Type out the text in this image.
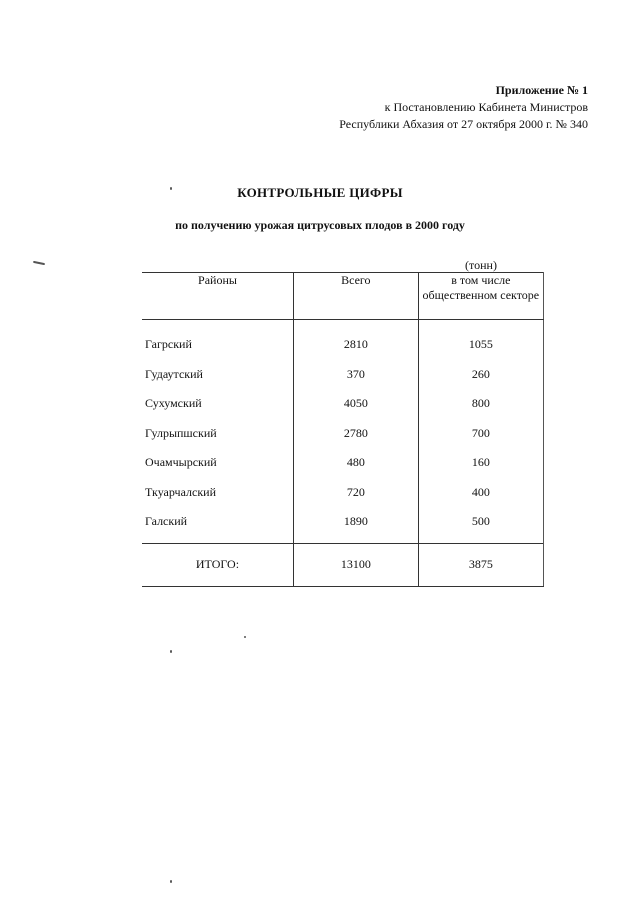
Приложение № 1
к Постановлению Кабинета Министров
Республики Абхазия от 27 октября 2000 г. № 340
КОНТРОЛЬНЫЕ ЦИФРЫ
по получению урожая цитрусовых плодов в 2000 году
(тонн)
Районы	Всего	в том числе общественном секторе

Гагрский	2810	1055
Гудаутский	370	260
Сухумский	4050	800
Гулрыпшский	2780	700
Очамчырский	480	160
Ткуарчалский	720	400
Галский	1890	500
ИТОГО:	13100	3875
